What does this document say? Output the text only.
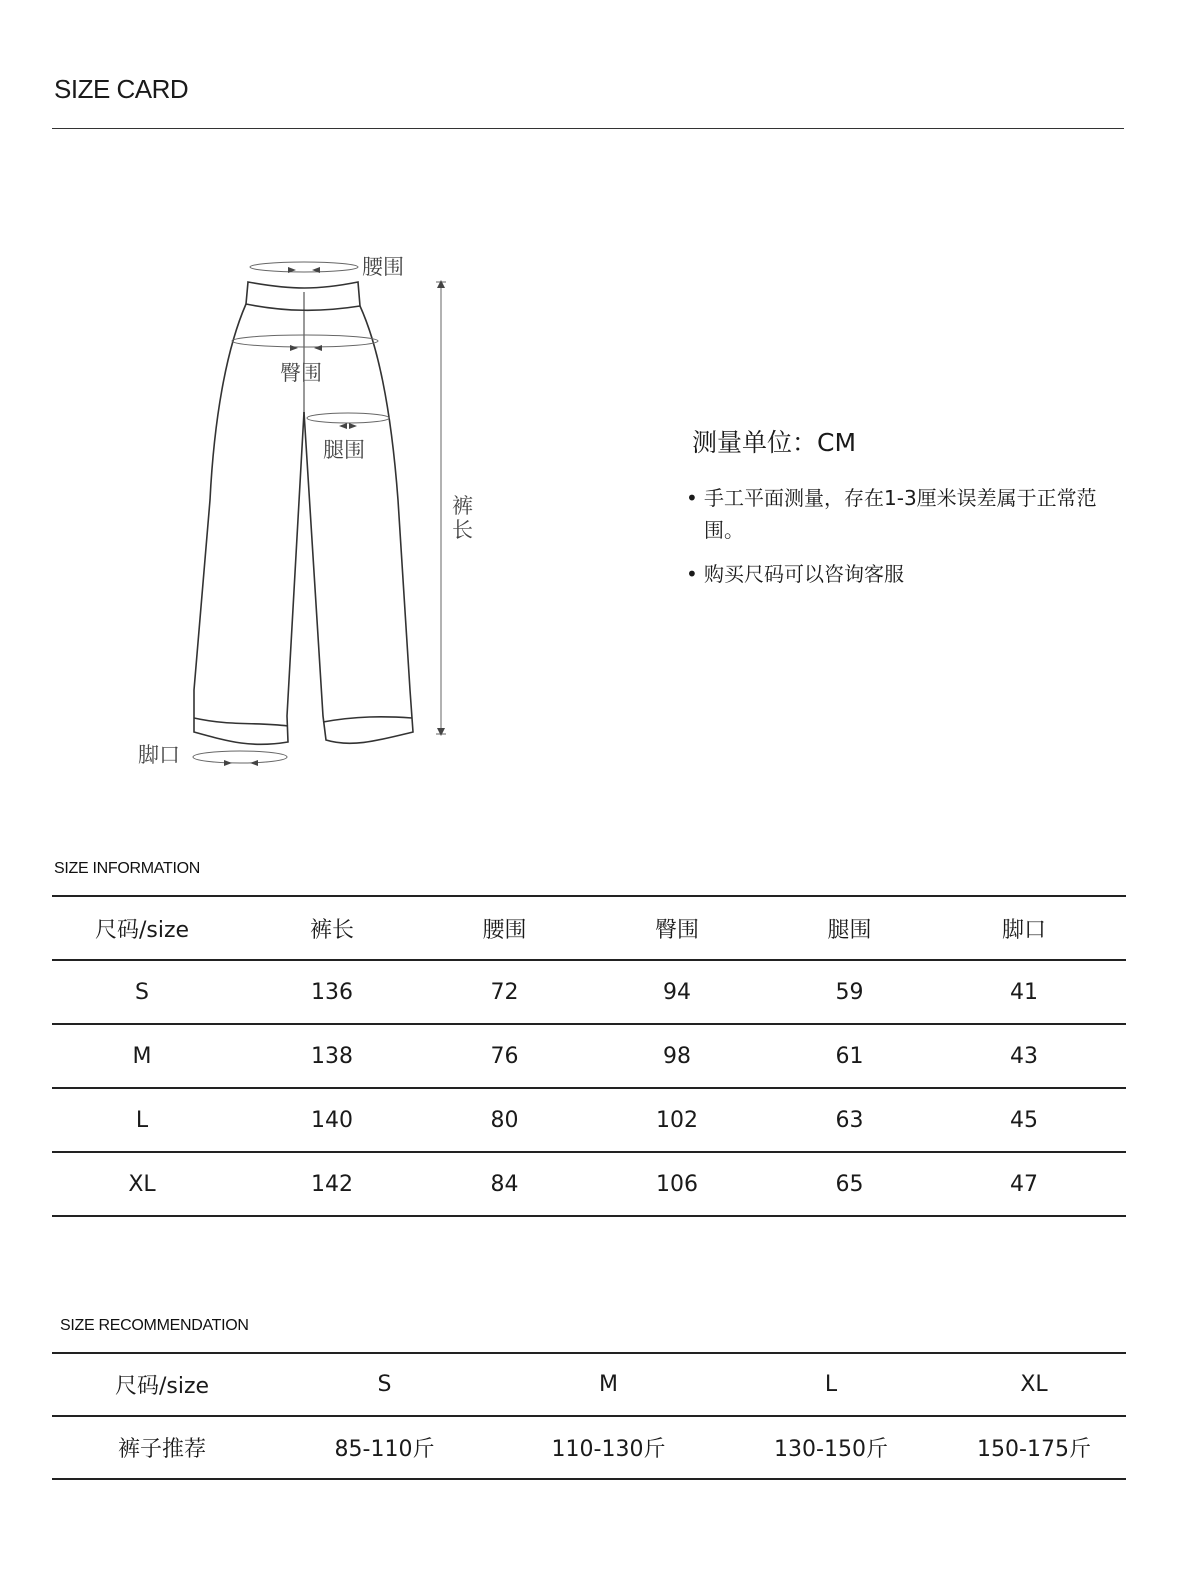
SIZE CARD
腰围
臀围
腿围
裤
长
脚口
测量单位：CM
• 手工平面测量，存在1-3厘米误差属于正常范围。
• 购买尺码可以咨询客服
SIZE INFORMATION
尺码/size	裤长	腰围	臀围	腿围	脚口
S	136	72	94	59	41
M	138	76	98	61	43
L	140	80	102	63	45
XL	142	84	106	65	47
SIZE RECOMMENDATION
尺码/size	S	M	L	XL
裤子推荐	85-110斤	110-130斤	130-150斤	150-175斤
